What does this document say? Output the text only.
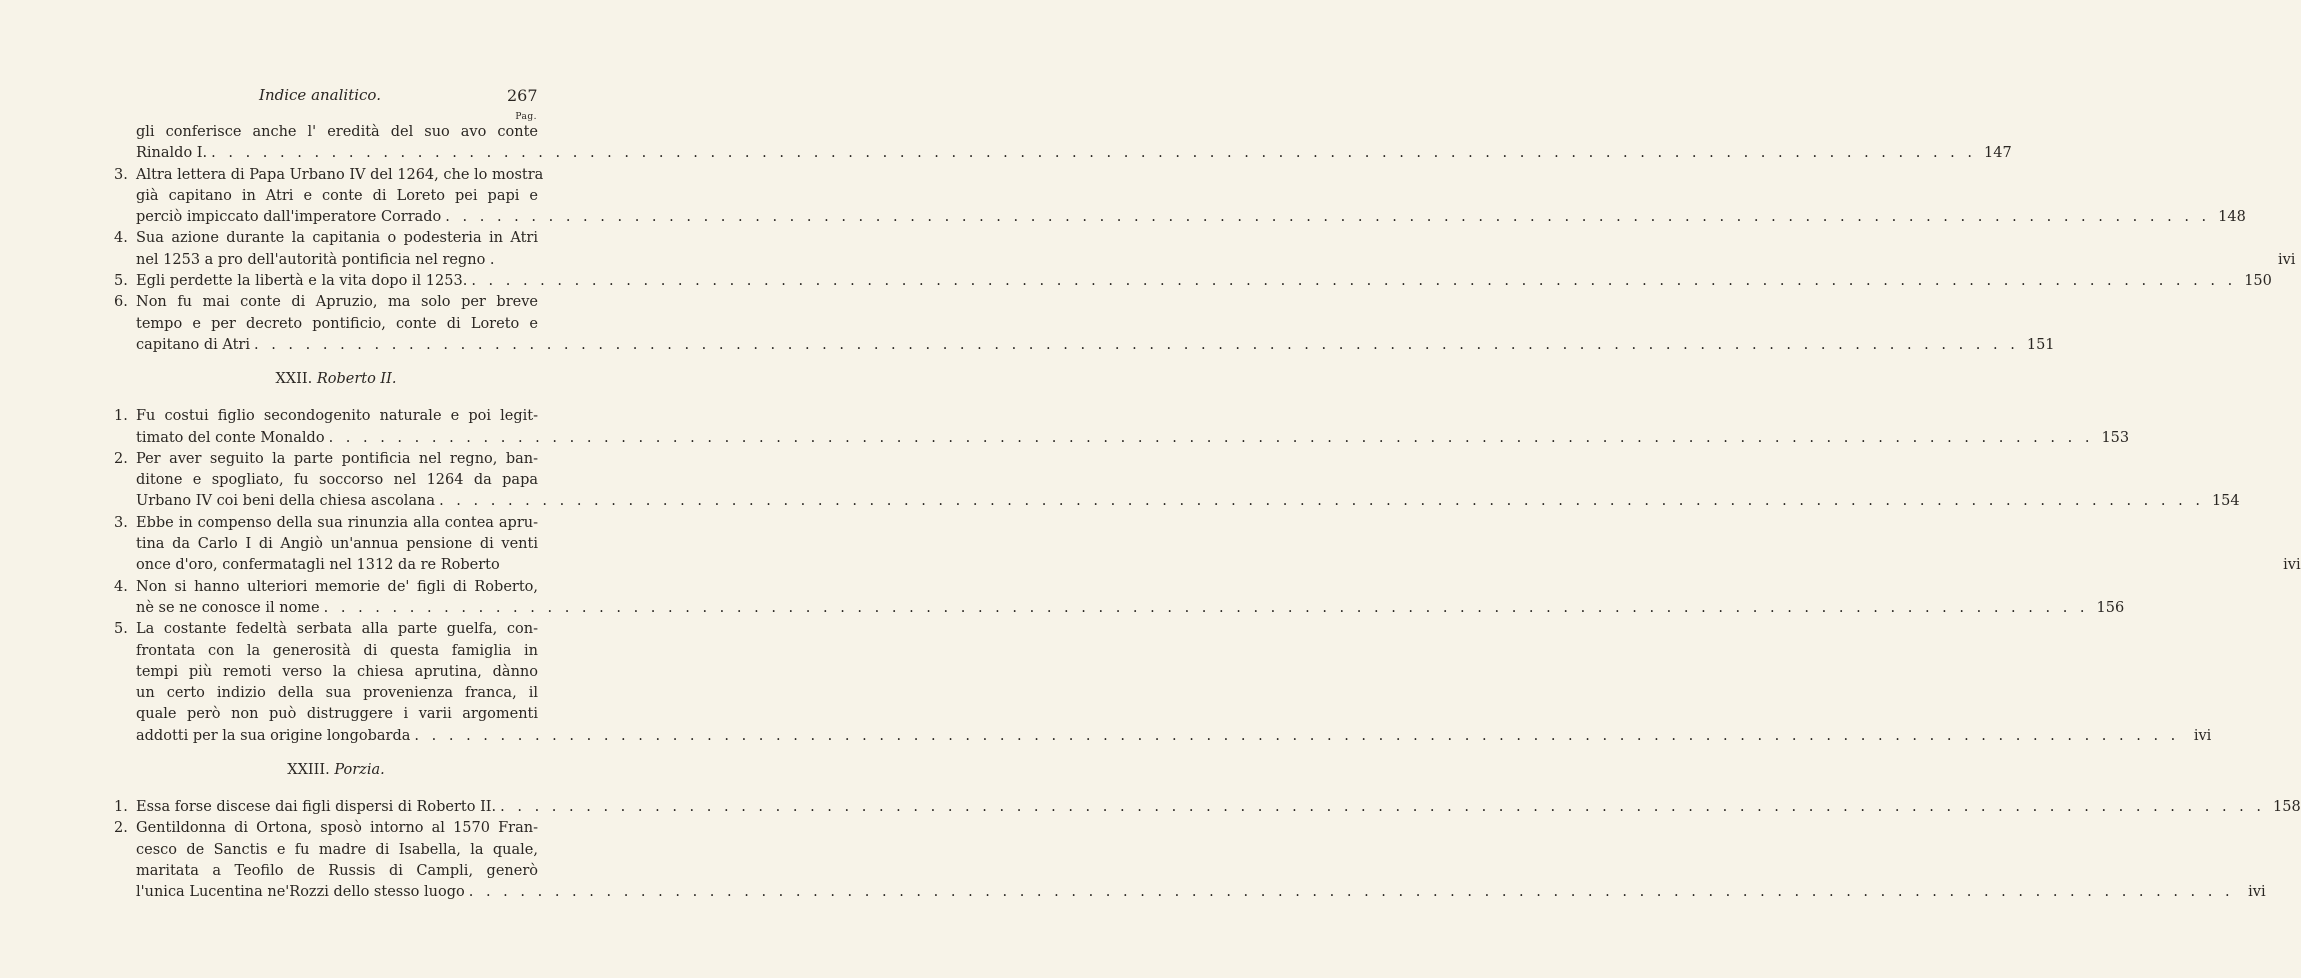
Indice analitico.	267
Pag.
gli conferisce anche l' eredità del suo avo conte
Rinaldo I. . . .	147
3. Altra lettera di Papa Urbano IV del 1264, che lo mostra
già capitano in Atri e conte di Loreto pei papi e
perciò impiccato dall'imperatore Corrado . . .	148
4. Sua azione durante la capitania o podesteria in Atri
nel 1253 a pro dell'autorità pontificia nel regno .	ivi
5. Egli perdette la libertà e la vita dopo il 1253. . . .	150
6. Non fu mai conte di Apruzio, ma solo per breve
tempo e per decreto pontificio, conte di Loreto e
capitano di Atri . . .	151
XXII. Roberto II.
1. Fu costui figlio secondogenito naturale e poi legit-
timato del conte Monaldo . . .	153
2. Per aver seguito la parte pontificia nel regno, ban-
ditone e spogliato, fu soccorso nel 1264 da papa
Urbano IV coi beni della chiesa ascolana . . .	154
3. Ebbe in compenso della sua rinunzia alla contea apru-
tina da Carlo I di Angiò un'annua pensione di venti
once d'oro, confermatagli nel 1312 da re Roberto	ivi
4. Non si hanno ulteriori memorie de' figli di Roberto,
nè se ne conosce il nome . . .	156
5. La costante fedeltà serbata alla parte guelfa, con-
frontata con la generosità di questa famiglia in
tempi più remoti verso la chiesa aprutina, dànno
un certo indizio della sua provenienza franca, il
quale però non può distruggere i varii argomenti
addotti per la sua origine longobarda . . .	ivi
XXIII. Porzia.
1. Essa forse discese dai figli dispersi di Roberto II. . . .	158
2. Gentildonna di Ortona, sposò intorno al 1570 Fran-
cesco de Sanctis e fu madre di Isabella, la quale,
maritata a Teofilo de Russis di Campli, generò
l'unica Lucentina ne'Rozzi dello stesso luogo . . .	ivi
